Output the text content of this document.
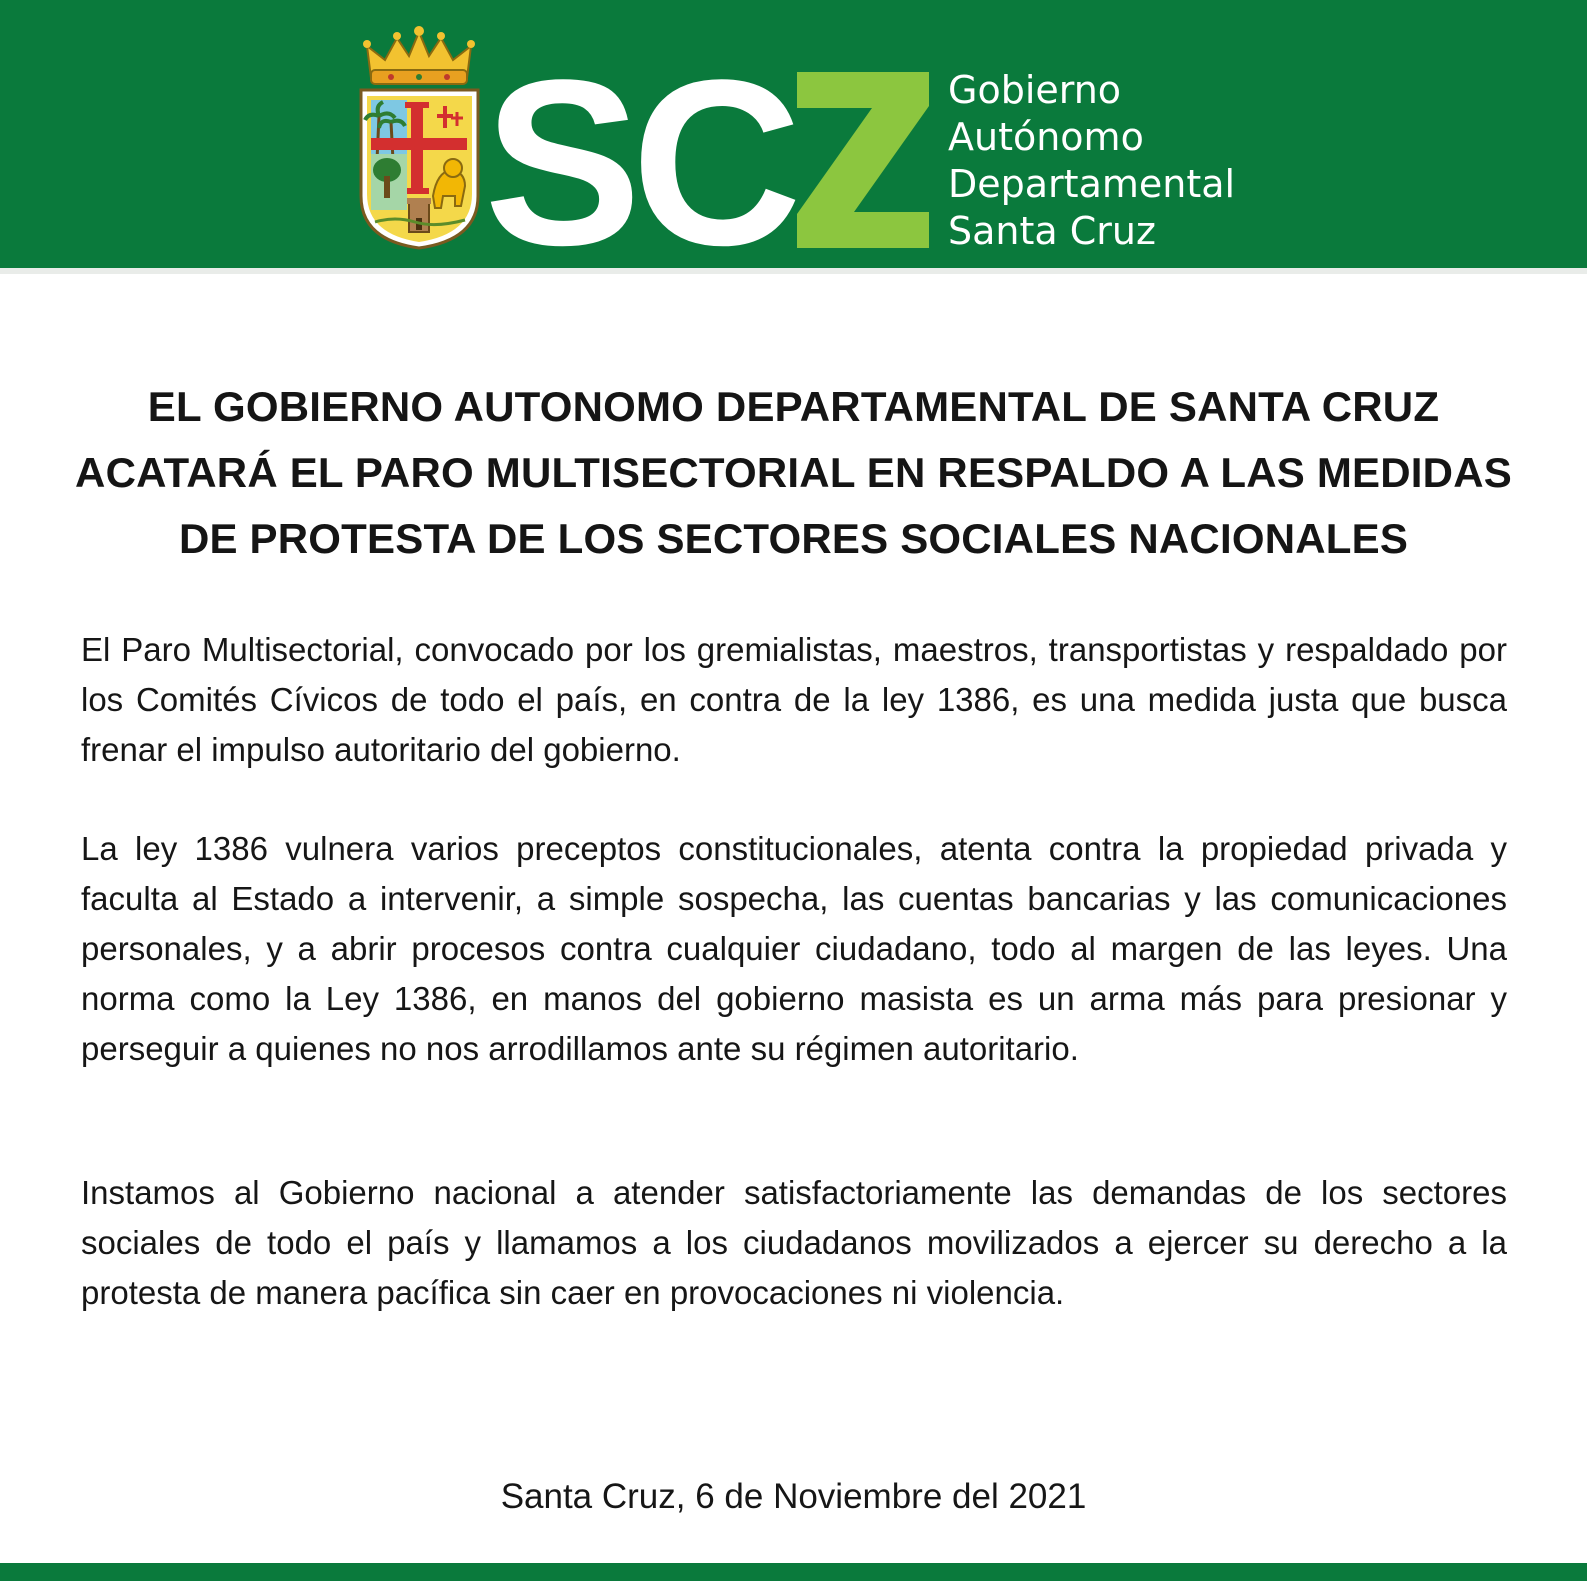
SC	Gobierno
Autónomo
Departamental
Santa Cruz
EL GOBIERNO AUTONOMO DEPARTAMENTAL DE SANTA CRUZ
ACATARÁ EL PARO MULTISECTORIAL EN RESPALDO A LAS MEDIDAS
DE PROTESTA DE LOS SECTORES SOCIALES NACIONALES
El Paro Multisectorial, convocado por los gremialistas, maestros, transportistas y respaldado por los Comités Cívicos de todo el país, en contra de la ley 1386, es una medida justa que busca frenar el impulso autoritario del gobierno.
La ley 1386 vulnera varios preceptos constitucionales, atenta contra la propiedad privada y faculta al Estado a intervenir, a simple sospecha, las cuentas bancarias y las comunicaciones personales, y a abrir procesos contra cualquier ciudadano, todo al margen de las leyes. Una norma como la Ley 1386, en manos del gobierno masista es un arma más para presionar y perseguir a quienes no nos arrodillamos ante su régimen autoritario.
Instamos al Gobierno nacional a atender satisfactoriamente las demandas de los sectores sociales de todo el país y llamamos a los ciudadanos movilizados a ejercer su derecho a la protesta de manera pacífica sin caer en provocaciones ni violencia.
Santa Cruz, 6 de Noviembre del 2021
